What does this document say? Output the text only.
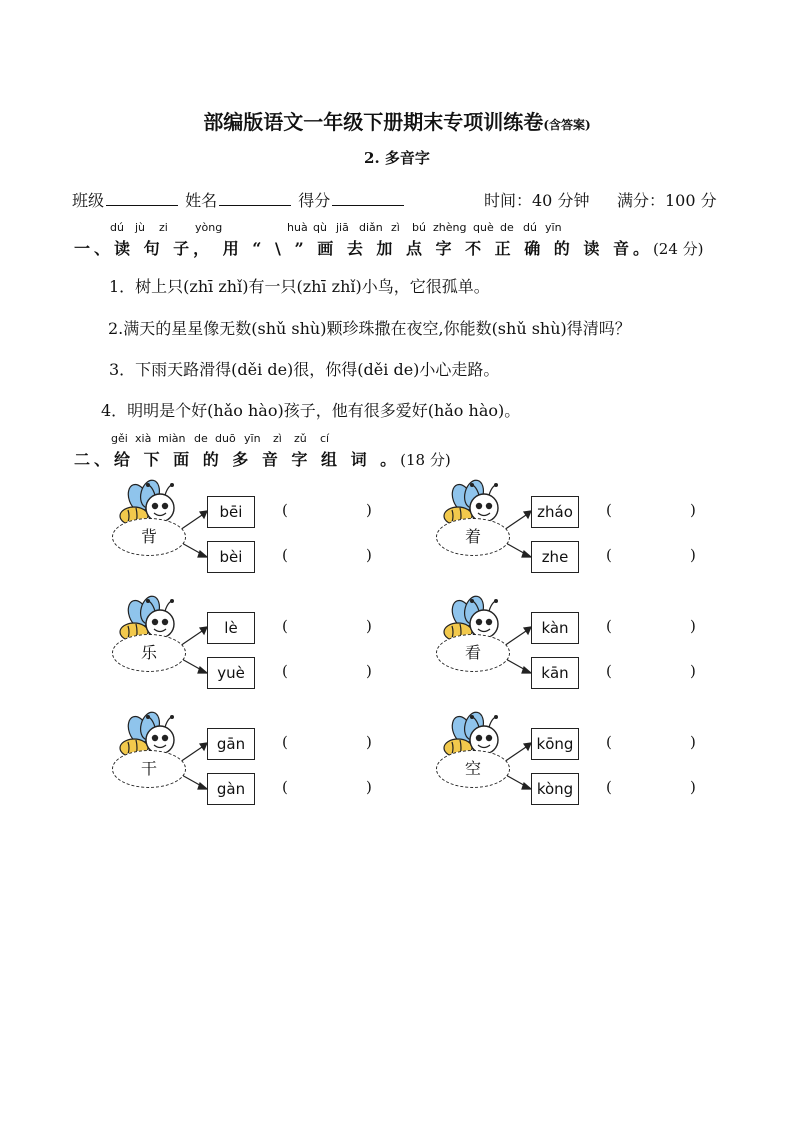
部编版语文一年级下册期末专项训练卷(含答案)
2. 多音字
班级	姓名	得分	时间：40 分钟 满分：100 分
dú jù zi yòng	huà qù jiā diǎn zì bú zhèng què de dú yīn
一、读 句 子， 用 “ \ ” 画 去 加 点 字 不 正 确 的 读 音。(24 分)
1．树上只(zhī zhǐ)有一只(zhī zhǐ)小鸟，它很孤单。
2.满天的星星像无数(shǔ shù)颗珍珠撒在夜空,你能数(shǔ shù)得清吗？
3．下雨天路滑得(děi de)很，你得(děi de)小心走路。
4．明明是个好(hǎo hào)孩子，他有很多爱好(hǎo hào)。
gěi xià miàn de duō yīn zì zǔ cí
二、给 下 面 的 多 音 字 组 词 。(18 分)
背
bēi
bèi
(	)
(	)
着
zháo
zhe
(	)
(	)
乐
lè
yuè
(	)
(	)
看
kàn
kān
(	)
(	)
干
gān
gàn
(	)
(	)
空
kōng
kòng
(	)
(	)
